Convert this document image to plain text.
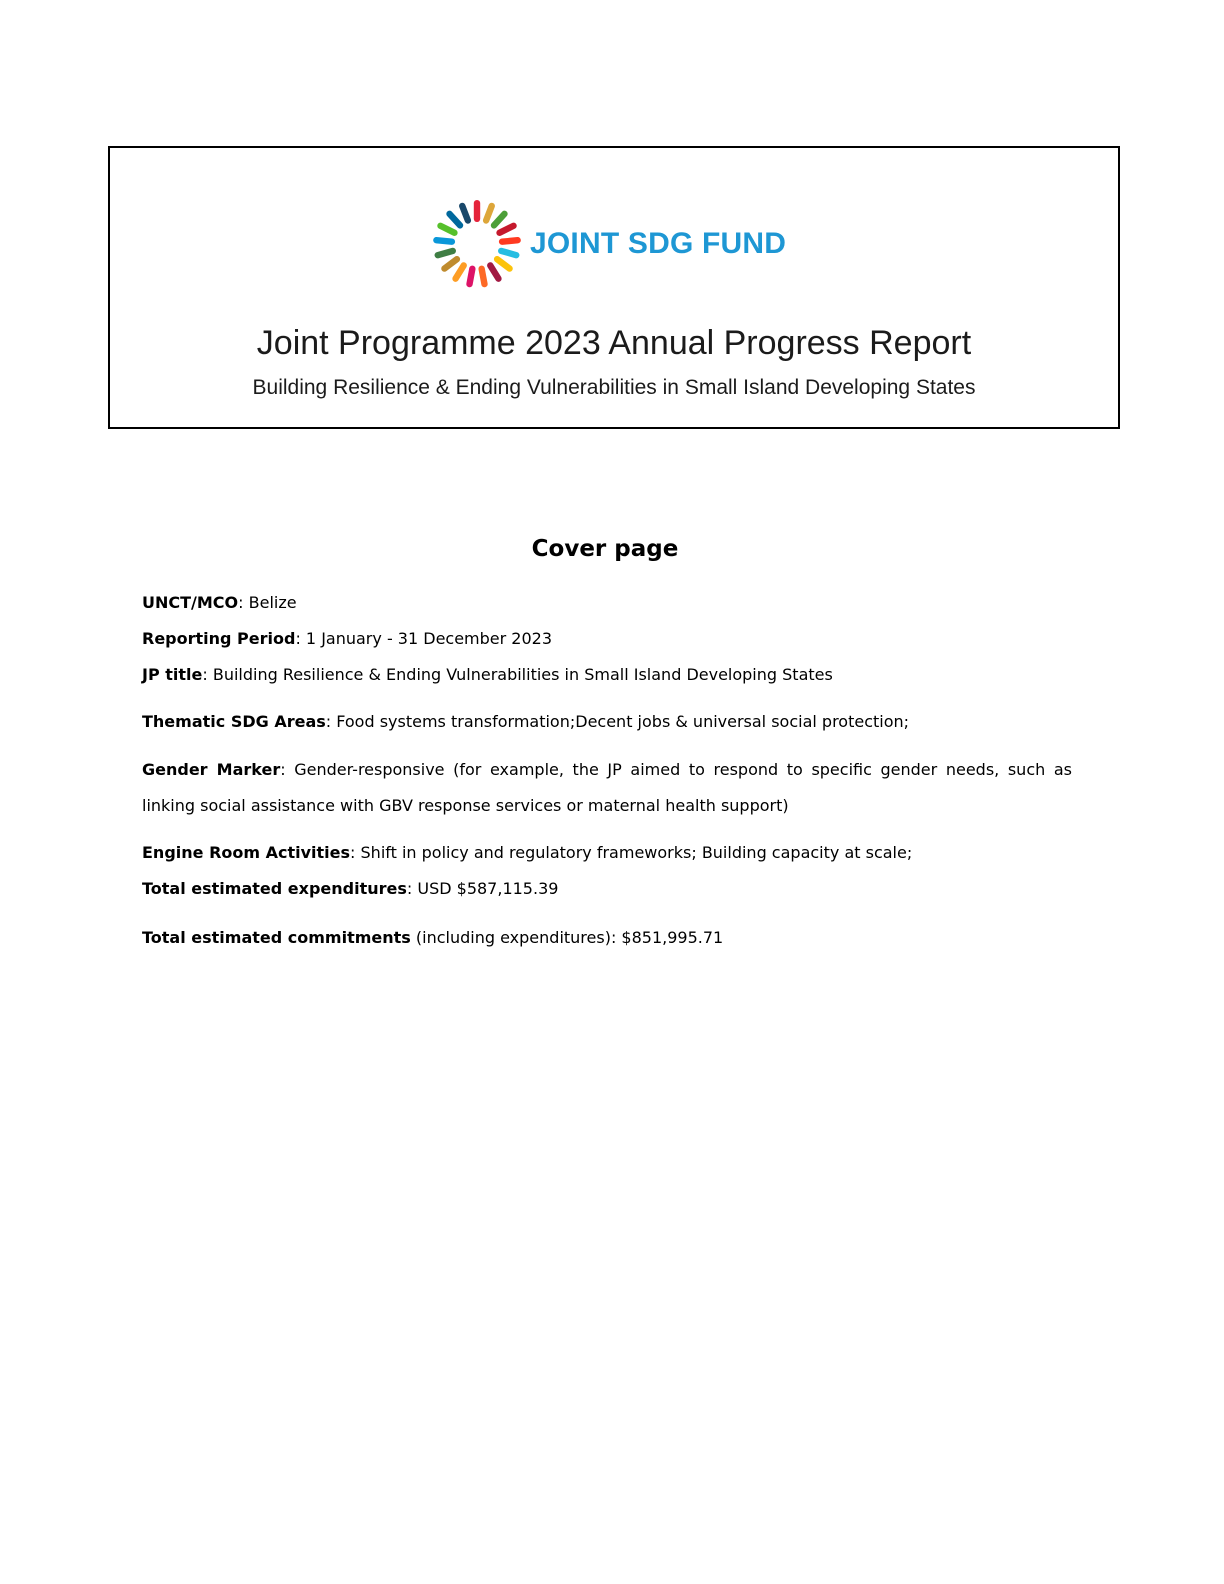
JOINT SDG FUND
Joint Programme 2023 Annual Progress Report
Building Resilience & Ending Vulnerabilities in Small Island Developing States
Cover page
UNCT/MCO: Belize
Reporting Period: 1 January - 31 December 2023
JP title: Building Resilience & Ending Vulnerabilities in Small Island Developing States
Thematic SDG Areas: Food systems transformation;Decent jobs & universal social protection;
Gender Marker: Gender-responsive (for example, the JP aimed to respond to specific gender needs, such as linking social assistance with GBV response services or maternal health support)
Engine Room Activities: Shift in policy and regulatory frameworks; Building capacity at scale;
Total estimated expenditures: USD $587,115.39
Total estimated commitments (including expenditures): $851,995.71
